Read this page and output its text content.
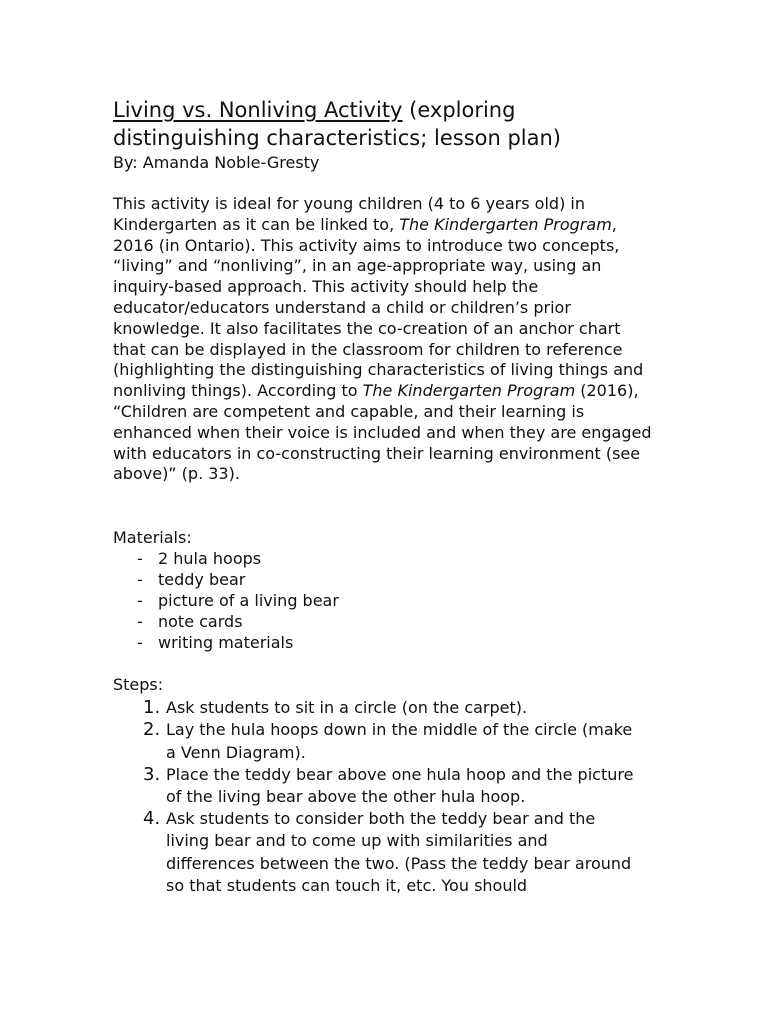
Living vs. Nonliving Activity (exploring
distinguishing characteristics; lesson plan)

By: Amanda Noble-Gresty

This activity is ideal for young children (4 to 6 years old) in Kindergarten as it can be linked to, The Kindergarten Program, 2016 (in Ontario). This activity aims to introduce two concepts, “living” and “nonliving”, in an age-appropriate way, using an inquiry-based approach. This activity should help the educator/educators understand a child or children’s prior knowledge. It also facilitates the co-creation of an anchor chart that can be displayed in the classroom for children to reference (highlighting the distinguishing characteristics of living things and nonliving things). According to The Kindergarten Program (2016), “Children are competent and capable, and their learning is enhanced when their voice is included and when they are engaged with educators in co-constructing their learning environment (see above)” (p. 33).

Materials:

- 2 hula hoops
- teddy bear
- picture of a living bear
- note cards
- writing materials

Steps:

1. Ask students to sit in a circle (on the carpet).
2. Lay the hula hoops down in the middle of the circle (make a Venn Diagram).
3. Place the teddy bear above one hula hoop and the picture of the living bear above the other hula hoop.
4. Ask students to consider both the teddy bear and the living bear and to come up with similarities and differences between the two. (Pass the teddy bear around so that students can touch it, etc. You should
